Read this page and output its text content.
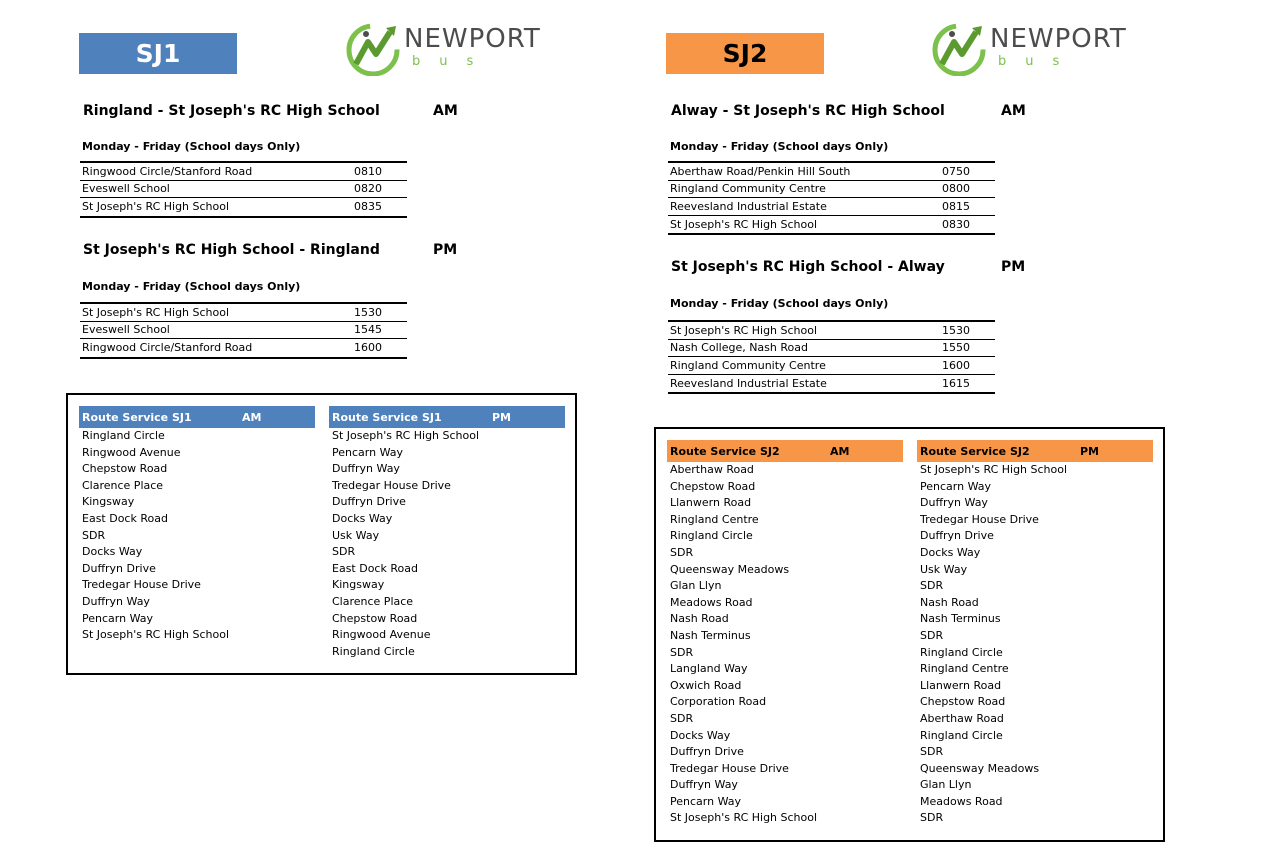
SJ1	NEWPORT
bus
Ringland - St Joseph's RC High School	AM
Monday - Friday (School days Only)
Ringwood Circle/Stanford Road	0810
Eveswell School	0820
St Joseph's RC High School	0835
St Joseph's RC High School - Ringland	PM
Monday - Friday (School days Only)
St Joseph's RC High School	1530
Eveswell School	1545
Ringwood Circle/Stanford Road	1600
Route Service SJ1	AM
Ringland Circle
Ringwood Avenue
Chepstow Road
Clarence Place
Kingsway
East Dock Road
SDR
Docks Way
Duffryn Drive
Tredegar House Drive
Duffryn Way
Pencarn Way
St Joseph's RC High School
Route Service SJ1	PM
St Joseph's RC High School
Pencarn Way
Duffryn Way
Tredegar House Drive
Duffryn Drive
Docks Way
Usk Way
SDR
East Dock Road
Kingsway
Clarence Place
Chepstow Road
Ringwood Avenue
Ringland Circle
SJ2	NEWPORT
bus
Alway - St Joseph's RC High School	AM
Monday - Friday (School days Only)
Aberthaw Road/Penkin Hill South	0750
Ringland Community Centre	0800
Reevesland Industrial Estate	0815
St Joseph's RC High School	0830
St Joseph's RC High School - Alway	PM
Monday - Friday (School days Only)
St Joseph's RC High School	1530
Nash College, Nash Road	1550
Ringland Community Centre	1600
Reevesland Industrial Estate	1615
Route Service SJ2	AM
Aberthaw Road
Chepstow Road
Llanwern Road
Ringland Centre
Ringland Circle
SDR
Queensway Meadows
Glan Llyn
Meadows Road
Nash Road
Nash Terminus
SDR
Langland Way
Oxwich Road
Corporation Road
SDR
Docks Way
Duffryn Drive
Tredegar House Drive
Duffryn Way
Pencarn Way
St Joseph's RC High School
Route Service SJ2	PM
St Joseph's RC High School
Pencarn Way
Duffryn Way
Tredegar House Drive
Duffryn Drive
Docks Way
Usk Way
SDR
Nash Road
Nash Terminus
SDR
Ringland Circle
Ringland Centre
Llanwern Road
Chepstow Road
Aberthaw Road
Ringland Circle
SDR
Queensway Meadows
Glan Llyn
Meadows Road
SDR
